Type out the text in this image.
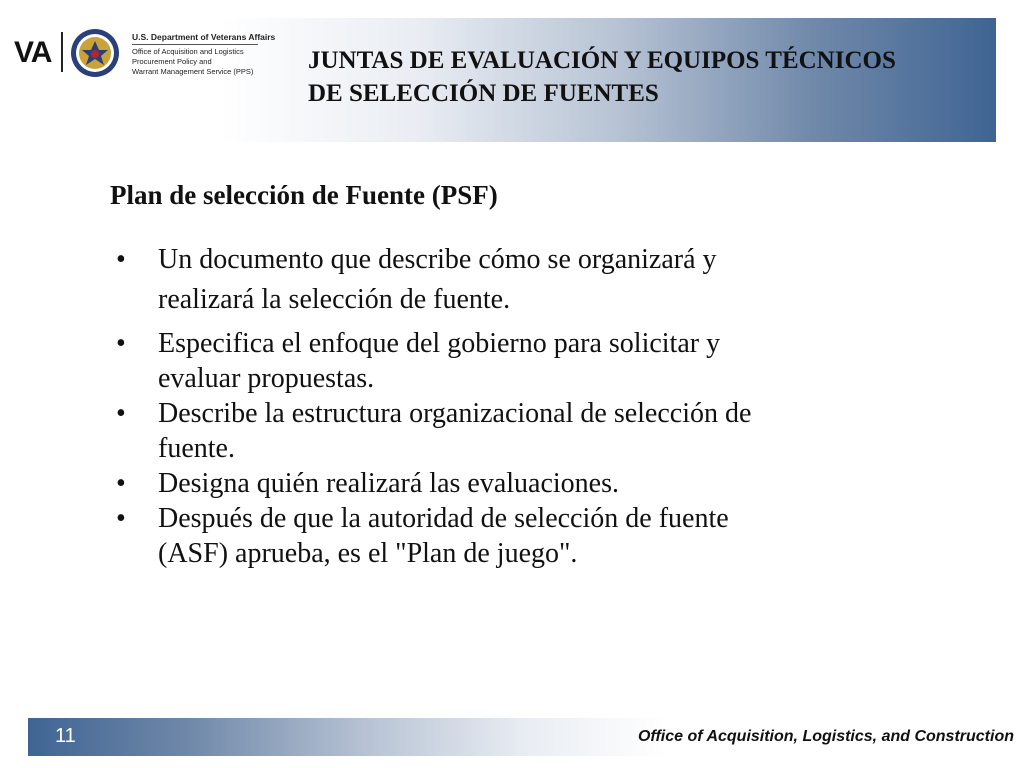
VA	U.S. Department of Veterans Affairs
Office of Acquisition and Logistics
Procurement Policy and
Warrant Management Service (PPS)	JUNTAS DE EVALUACIÓN Y EQUIPOS TÉCNICOS DE SELECCIÓN DE FUENTES
Plan de selección de Fuente (PSF)
•	Un documento que describe cómo se organizará y realizará la selección de fuente.
•	Especifica el enfoque del gobierno para solicitar y evaluar propuestas.
•	Describe la estructura organizacional de selección de fuente.
•	Designa quién realizará las evaluaciones.
•	Después de que la autoridad de selección de fuente (ASF) aprueba, es el "Plan de juego".
11	Office of Acquisition, Logistics, and Construction
